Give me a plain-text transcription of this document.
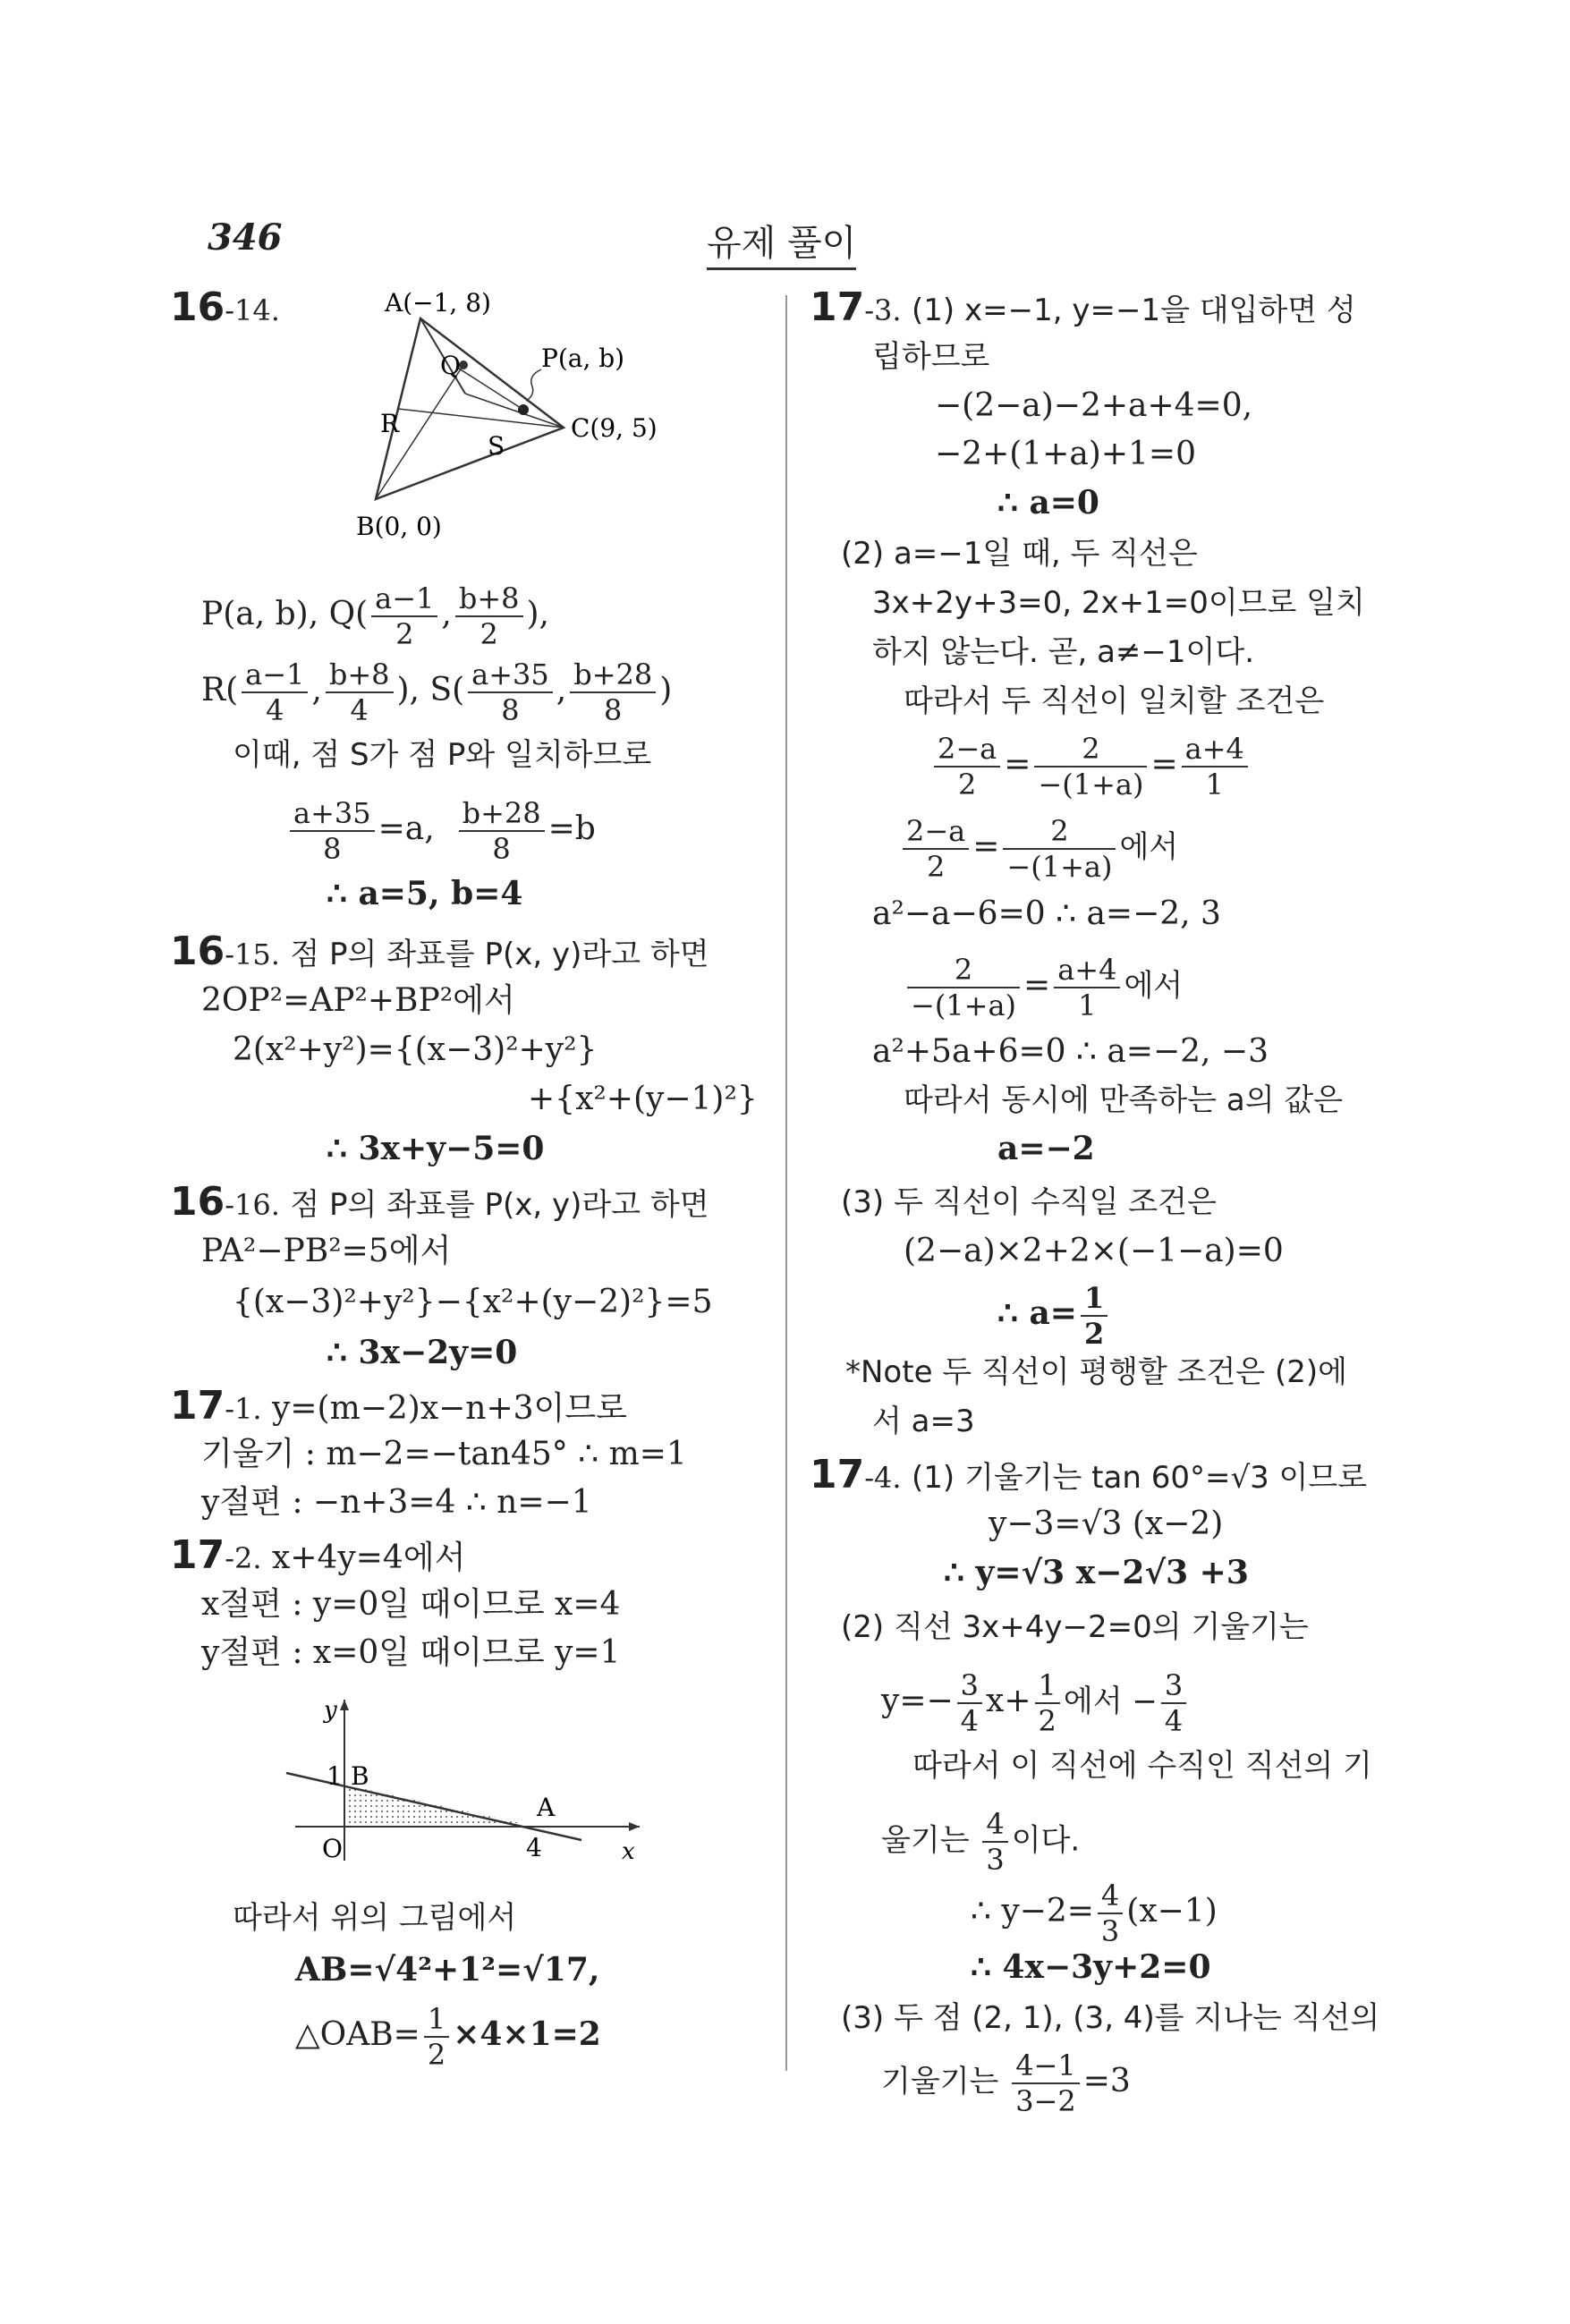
346	유제 풀이
16-14.	A(−1, 8)
P(a, b)
C(9, 5)
B(0, 0)
Q
R
S
P(a, b), $Q( \frac{a-1}{2}$ , $\frac{b+8}{2}$ ),
$R( \frac{a-1}{4}$ , $\frac{b+8}{4}$ ), $S( \frac{a+35}{8}$ , $\frac{b+28}{8}$ )
이때, 점 S가 점 P와 일치하므로
$\frac{a+35}{8} =a$, $\frac{b+28}{8} =b$
∴ a=5, b=4
16-15. 점 P의 좌표를 P(x, y)라고 하면
2OP²=AP²+BP²에서
2(x²+y²)={(x−3)²+y²}
+{x²+(y−1)²}
∴ 3x+y−5=0
16-16. 점 P의 좌표를 P(x, y)라고 하면
PA²−PB²=5에서
{(x−3)²+y²}−{x²+(y−2)²}=5
∴ 3x−2y=0
17-1. y=(m−2)x−n+3이므로
기울기 : m−2=−tan45° ∴ m=1
y절편 : −n+3=4 ∴ n=−1
17-2. x+4y=4에서
x절편 : y=0일 때이므로 x=4
y절편 : x=0일 때이므로 y=1
y
x
O
1 B
A
4
따라서 위의 그림에서
AB=√4²+1²=√17,
△OAB= $\frac{1}{2} \times 4\times 1=2$
17-3. (1) x=−1, y=−1을 대입하면 성
립하므로
−(2−a)−2+a+4=0,
−2+(1+a)+1=0
∴ a=0
(2) a=−1일 때, 두 직선은
3x+2y+3=0, 2x+1=0이므로 일치
하지 않는다. 곧, a≠−1이다.
따라서 두 직선이 일치할 조건은
$\frac{2-a}{2} = \frac{2}{-(1+a)} = \frac{a+4}{1}$
$\frac{2-a}{2} = \frac{2}{-(1+a)}$ 에서
a²−a−6=0 ∴ a=−2, 3
$\frac{2}{-(1+a)} = \frac{a+4}{1}$ 에서
a²+5a+6=0 ∴ a=−2, −3
따라서 동시에 만족하는 a의 값은
a=−2
(3) 두 직선이 수직일 조건은
(2−a)×2+2×(−1−a)=0
∴ $a= \frac{1}{2}$
*Note 두 직선이 평행할 조건은 (2)에
서 a=3
17-4. (1) 기울기는 tan 60°=√3 이므로
y−3=√3 (x−2)
∴ y=√3 x−2√3 +3
(2) 직선 3x+4y−2=0의 기울기는
$y=- \frac{3}{4} x+ \frac{1}{2}$ 에서 − $\frac{3}{4}$
따라서 이 직선에 수직인 직선의 기
울기는 $\frac{4}{3}$ 이다.
∴ $y-2= \frac{4}{3} (x-1)$
∴ 4x−3y+2=0
(3) 두 점 (2, 1), (3, 4)를 지나는 직선의
기울기는 $\frac{4-1}{3-2} =3$
